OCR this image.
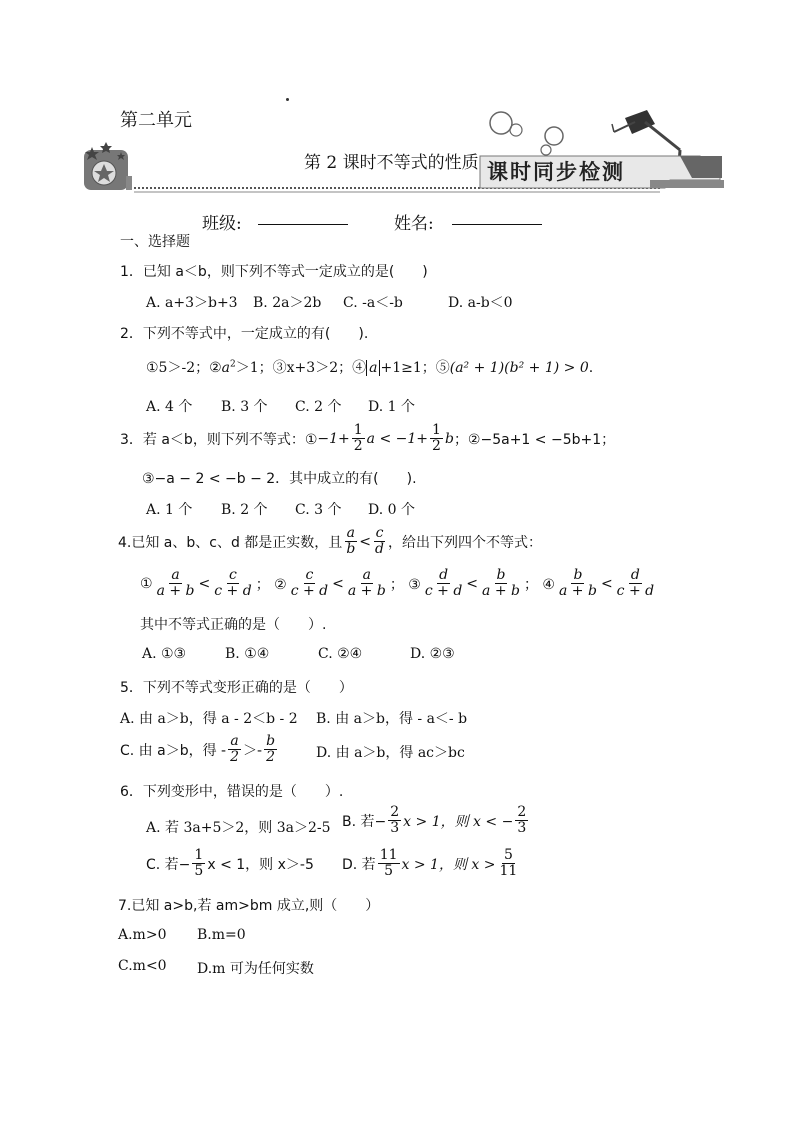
第二单元
第 2 课时不等式的性质 课时同步检测
班级:	姓名:
一、选择题
1．已知 a＜b，则下列不等式一定成立的是(　　)
A. a+3＞b+3 B. 2a＞2b C. -a＜-b	D. a-b＜0
2．下列不等式中，一定成立的有(　　).
①5＞-2；$②a^2>1$；③x+3＞2；④ a +1≥1；⑤(a² + 1)(b² + 1) > 0.
A. 4 个 B. 3 个 C. 2 个 D. 1 个
3．若 a＜b，则下列不等式：① $-1+ \frac{1}{2}$ $a < -1+ \frac{1}{2}$ b ；②−5a+1 < −5b+1；
③−a − 2 < −b − 2．其中成立的有(　　).
A. 1 个 B. 2 个 C. 3 个 D. 0 个
4.已知 a、b、c、d 都是正实数，且 $\frac{a}{b} < \frac{c}{d}$ ，给出下列四个不等式：
① $\frac{a}{a + b} < \frac{c}{c + d}$ ； ② $\frac{c}{c + d} < \frac{a}{a + b}$ ； ③ $\frac{d}{c + d} < \frac{b}{a + b}$ ； ④ $\frac{b}{a + b} < \frac{d}{c + d}$
其中不等式正确的是（　　）.
A. ①③	B. ①④	C. ②④	D. ②③
5．下列不等式变形正确的是（　　）
A. 由 a＞b，得 a - 2＜b - 2 B. 由 a＞b，得 - a＜- b
C. 由 a＞b，得 - $\frac{a}{2} >- \frac{b}{2}$	D. 由 a＞b，得 ac＞bc
6．下列变形中，错误的是（　　）.
A. 若 3a+5＞2，则 3a＞2-5 B. 若− $\frac{2}{3}$ x > 1，则 x < − $\frac{2}{3}$
C. 若− $\frac{1}{5}$ x < 1，则 x＞-5 D. 若 $\frac{11}{5}$ x > 1，则 $x > \frac{5}{11}$
7.已知 a>b,若 am>bm 成立,则（　　）
A.m>0 B.m=0
C.m<0 D.m 可为任何实数
